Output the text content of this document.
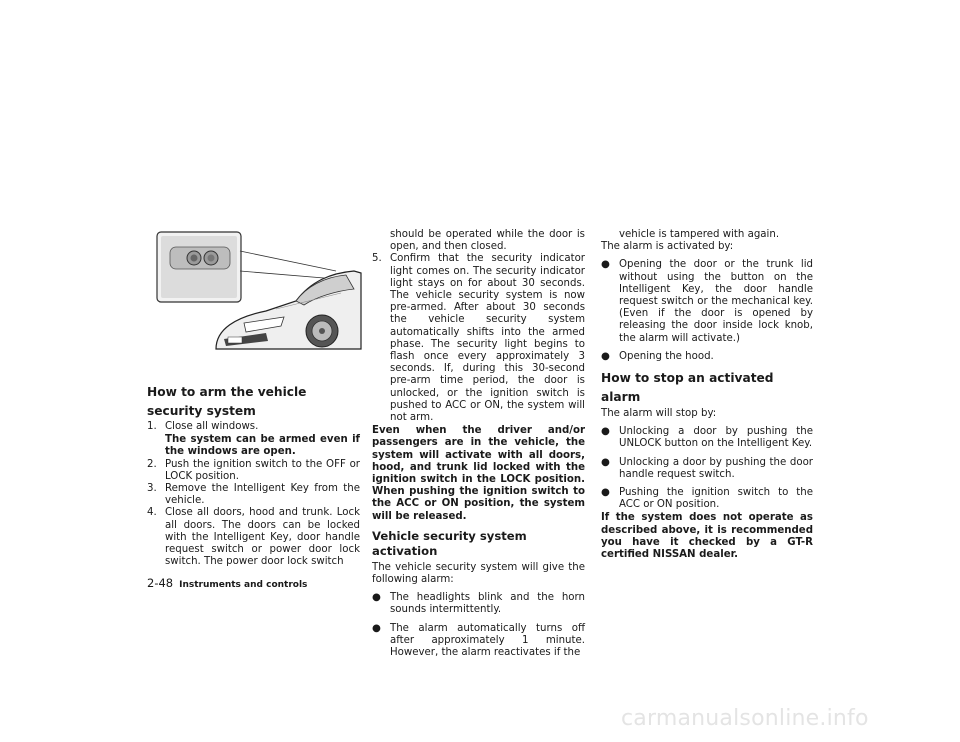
How to arm the vehicle security system
1. Close all windows.
The system can be armed even if the windows are open.
2. Push the ignition switch to the OFF or LOCK position.
3. Remove the Intelligent Key from the vehicle.
4. Close all doors, hood and trunk. Lock all doors. The doors can be locked with the Intelligent Key, door handle request switch or power door lock switch. The power door lock switch

should be operated while the door is open, and then closed.

5. Confirm that the security indicator light comes on. The security indicator light stays on for about 30 seconds. The vehicle security system is now pre-armed. After about 30 seconds the vehicle security system automatically shifts into the armed phase. The security light begins to flash once every approximately 3 seconds. If, during this 30-second pre-arm time period, the door is unlocked, or the ignition switch is pushed to ACC or ON, the system will not arm.

Even when the driver and/or passengers are in the vehicle, the system will activate with all doors, hood, and trunk lid locked with the ignition switch in the LOCK position. When pushing the ignition switch to the ACC or ON position, the system will be released.

Vehicle security system activation

The vehicle security system will give the following alarm:

● The headlights blink and the horn sounds intermittently.
● The alarm automatically turns off after approximately 1 minute. However, the alarm reactivates if the

vehicle is tampered with again.

The alarm is activated by:

● Opening the door or the trunk lid without using the button on the Intelligent Key, the door handle request switch or the mechanical key. (Even if the door is opened by releasing the door inside lock knob, the alarm will activate.)
● Opening the hood.
How to stop an activated alarm

The alarm will stop by:

● Unlocking a door by pushing the UNLOCK button on the Intelligent Key.
● Unlocking a door by pushing the door handle request switch.
● Pushing the ignition switch to the ACC or ON position.

If the system does not operate as described above, it is recommended you have it checked by a GT-R certified NISSAN dealer.

2-48 Instruments and controls
carmanualsonline.info
